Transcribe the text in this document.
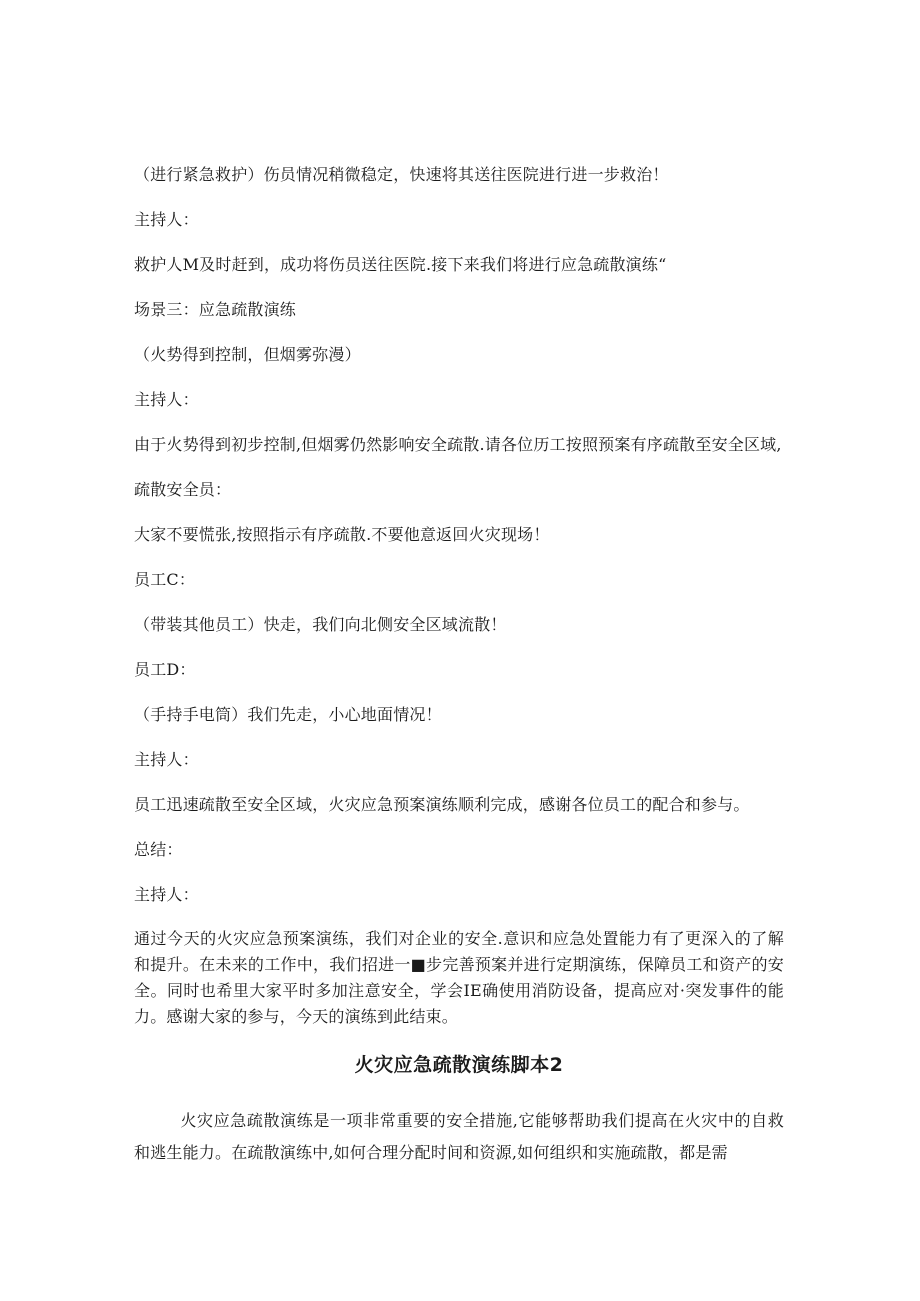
（进行紧急救护）伤员情况稍微稳定，快速将其送往医院进行进一步救治！

主持人：

救护人M及时赶到，成功将伤员送往医院.接下来我们将进行应急疏散演练“

场景三：应急疏散演练

（火势得到控制，但烟雾弥漫）

主持人：

由于火势得到初步控制,但烟雾仍然影响安全疏散.请各位历工按照预案有序疏散至安全区域,

疏散安全员：

大家不要慌张,按照指示有序疏散.不要他意返回火灾现场！

员工C：

（带装其他员工）快走，我们向北侧安全区域流散！

员工D：

（手持手电筒）我们先走，小心地面情况！

主持人：

员工迅速疏散至安全区域，火灾应急预案演练顺利完成，感谢各位员工的配合和参与。

总结：

主持人：

通过今天的火灾应急预案演练，我们对企业的安全.意识和应急处置能力有了更深入的了解和提升。在未来的工作中，我们招进一■步完善预案并进行定期演练，保障员工和资产的安全。同时也希里大家平时多加注意安全，学会IE确使用消防设备，提高应对·突发事件的能力。感谢大家的参与，今天的演练到此结束。

火灾应急疏散演练脚本2

火灾应急疏散演练是一项非常重要的安全措施,它能够帮助我们提高在火灾中的自救和逃生能力。在疏散演练中,如何合理分配时间和资源,如何组织和实施疏散，都是需
